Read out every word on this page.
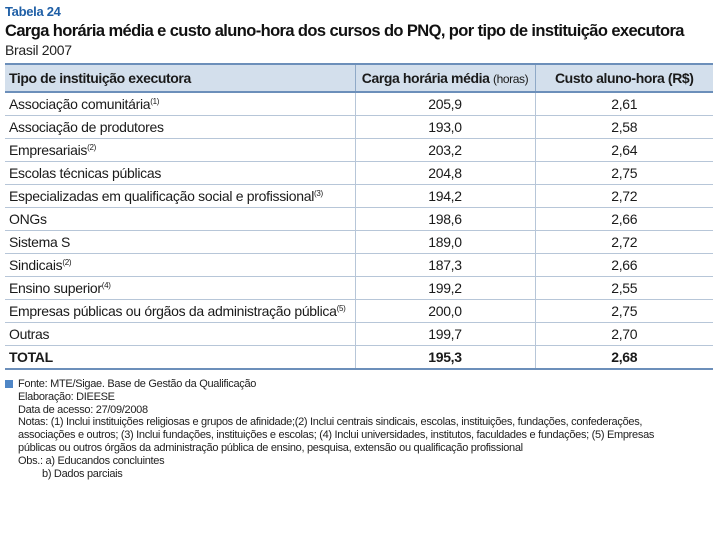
Tabela 24
Carga horária média e custo aluno-hora dos cursos do PNQ, por tipo de instituição executora
Brasil 2007
Tipo de instituição executora	Carga horária média (horas)	Custo aluno-hora (R$)
Associação comunitária$^{(1)}$	205,9	2,61
Associação de produtores	193,0	2,58
Empresariais$^{(2)}$	203,2	2,64
Escolas técnicas públicas	204,8	2,75
Especializadas em qualificação social e profissional$^{(3)}$	194,2	2,72
ONGs	198,6	2,66
Sistema S	189,0	2,72
Sindicais$^{(2)}$	187,3	2,66
Ensino superior$^{(4)}$	199,2	2,55
Empresas públicas ou órgãos da administração pública$^{(5)}$	200,0	2,75
Outras	199,7	2,70
TOTAL	195,3	2,68
Fonte: MTE/Sigae. Base de Gestão da Qualificação
Elaboração: DIEESE
Data de acesso: 27/09/2008
Notas: (1) Inclui instituições religiosas e grupos de afinidade;(2) Inclui centrais sindicais, escolas, instituições, fundações, confederações,
associações e outros; (3) Inclui fundações, instituições e escolas; (4) Inclui universidades, institutos, faculdades e fundações; (5) Empresas
públicas ou outros órgãos da administração pública de ensino, pesquisa, extensão ou qualificação profissional
Obs.: a) Educandos concluintes
b) Dados parciais
